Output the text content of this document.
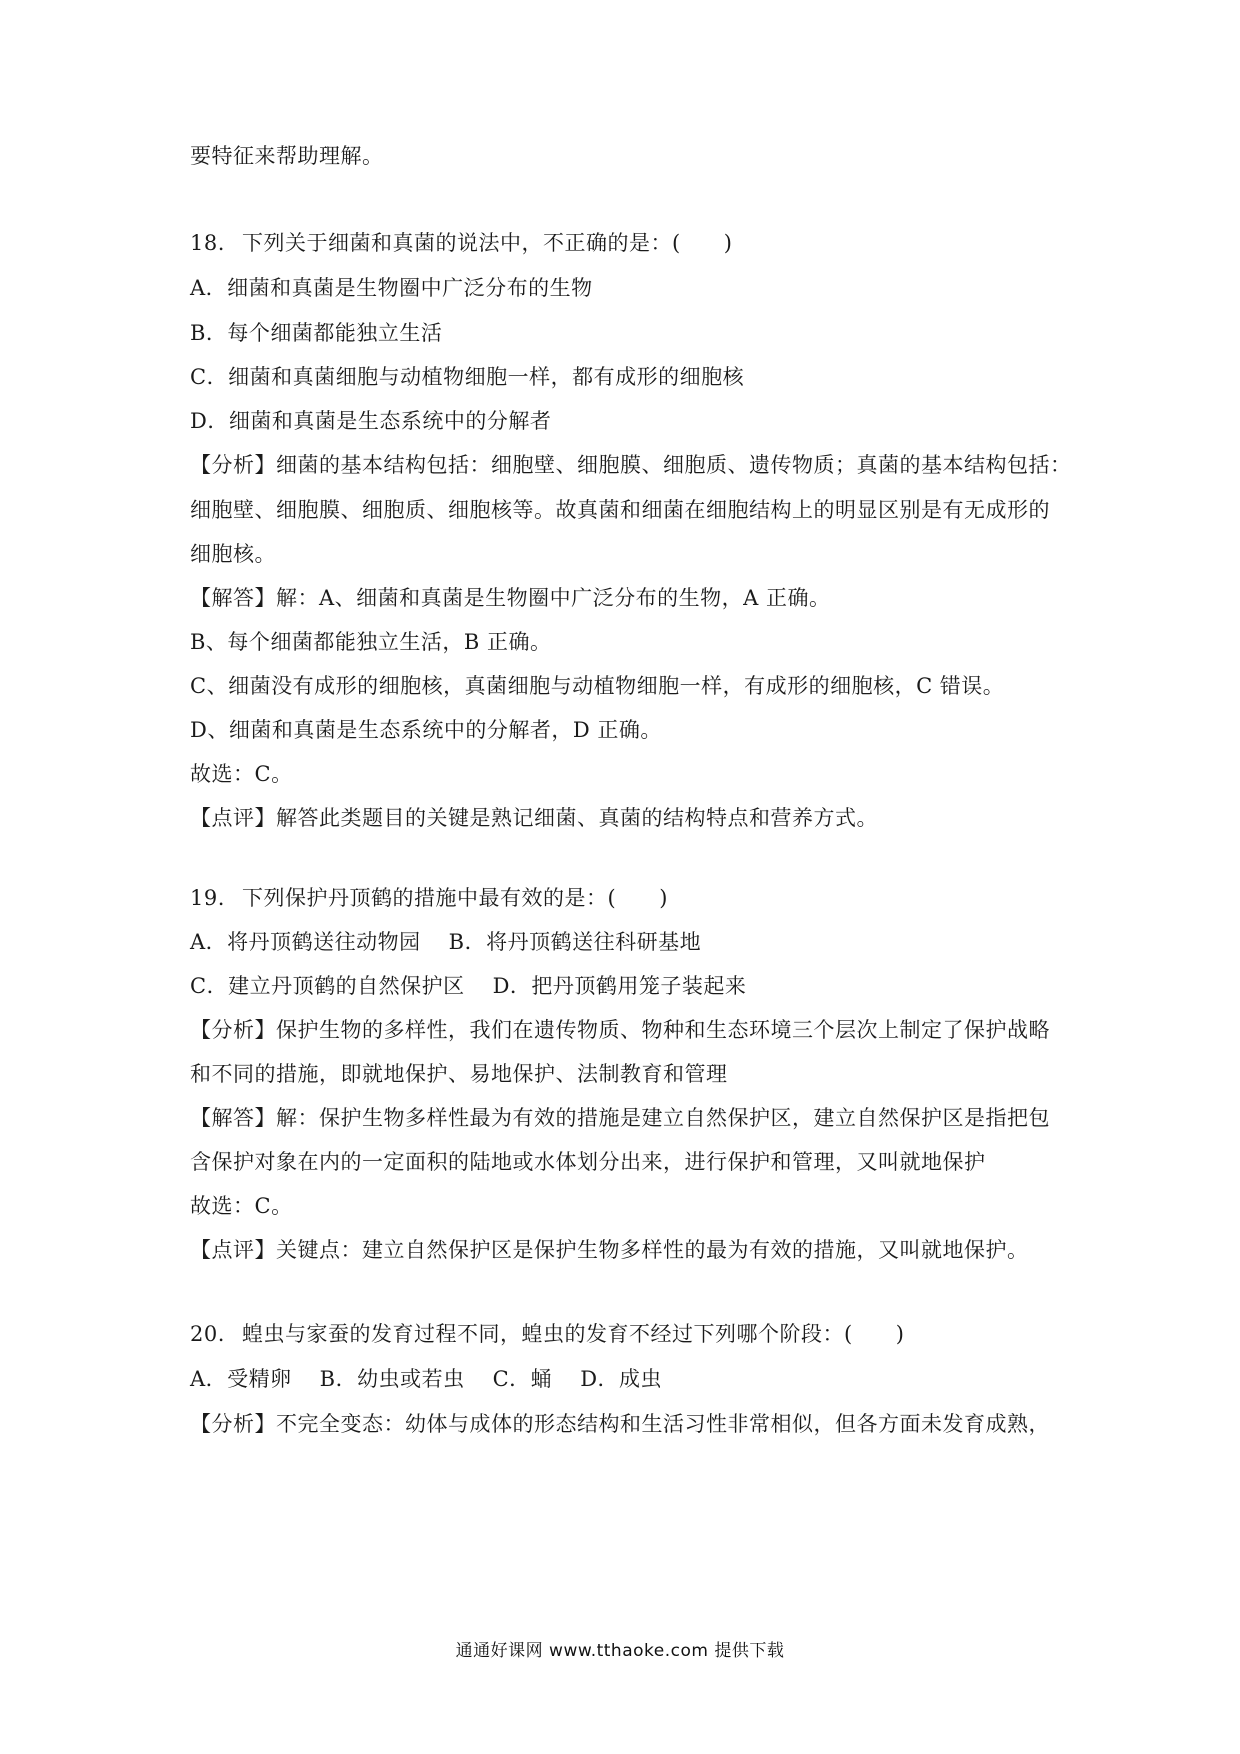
要特征来帮助理解。
18. 下列关于细菌和真菌的说法中，不正确的是：(　　)
A．细菌和真菌是生物圈中广泛分布的生物
B．每个细菌都能独立生活
C．细菌和真菌细胞与动植物细胞一样，都有成形的细胞核
D．细菌和真菌是生态系统中的分解者
【分析】细菌的基本结构包括：细胞壁、细胞膜、细胞质、遗传物质；真菌的基本结构包括：
细胞壁、细胞膜、细胞质、细胞核等。故真菌和细菌在细胞结构上的明显区别是有无成形的
细胞核。
【解答】解：A、细菌和真菌是生物圈中广泛分布的生物，A 正确。
B、每个细菌都能独立生活，B 正确。
C、细菌没有成形的细胞核，真菌细胞与动植物细胞一样，有成形的细胞核，C 错误。
D、细菌和真菌是生态系统中的分解者，D 正确。
故选：C。
【点评】解答此类题目的关键是熟记细菌、真菌的结构特点和营养方式。
19. 下列保护丹顶鹤的措施中最有效的是：(　　)
A．将丹顶鹤送往动物园 B．将丹顶鹤送往科研基地
C．建立丹顶鹤的自然保护区 D．把丹顶鹤用笼子装起来
【分析】保护生物的多样性，我们在遗传物质、物种和生态环境三个层次上制定了保护战略
和不同的措施，即就地保护、易地保护、法制教育和管理
【解答】解：保护生物多样性最为有效的措施是建立自然保护区，建立自然保护区是指把包
含保护对象在内的一定面积的陆地或水体划分出来，进行保护和管理，又叫就地保护
故选：C。
【点评】关键点：建立自然保护区是保护生物多样性的最为有效的措施，又叫就地保护。
20. 蝗虫与家蚕的发育过程不同，蝗虫的发育不经过下列哪个阶段：(　　)
A．受精卵 B．幼虫或若虫 C．蛹 D．成虫
【分析】不完全变态：幼体与成体的形态结构和生活习性非常相似，但各方面未发育成熟，
通通好课网 www.tthaoke.com 提供下载
